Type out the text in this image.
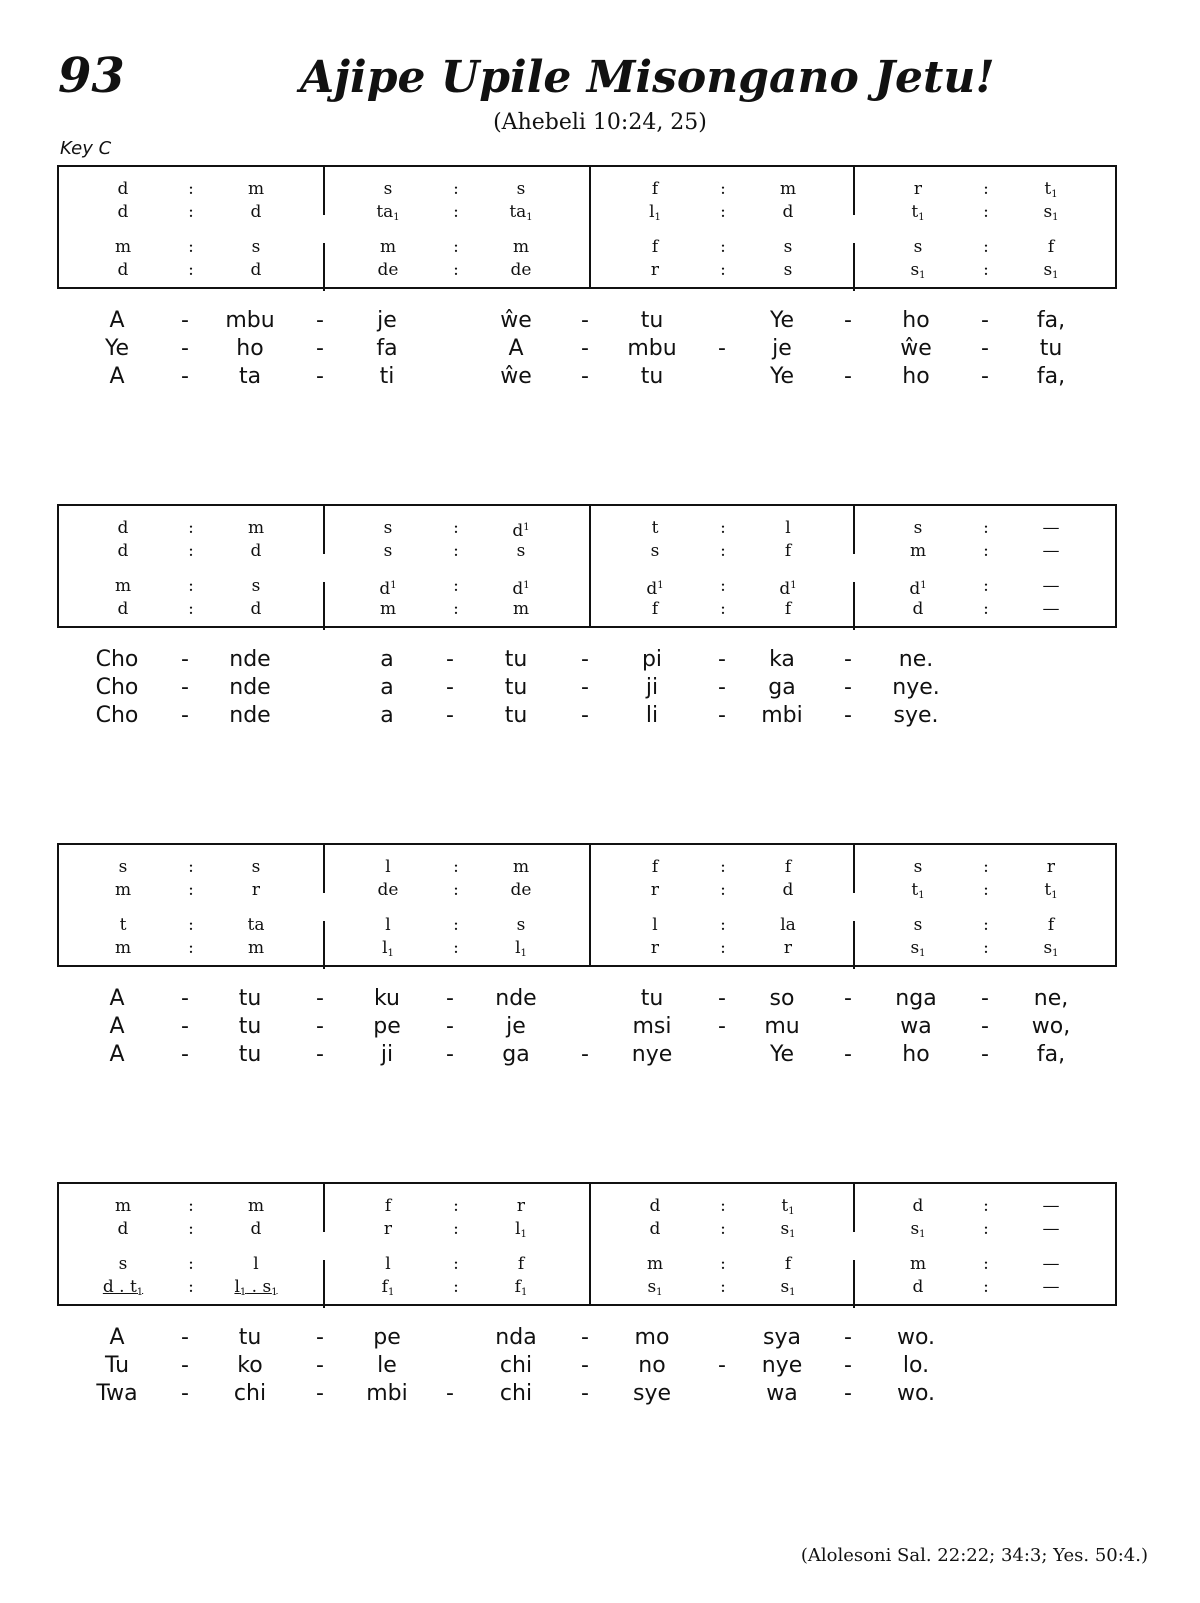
93	Ajipe Upile Misongano Jetu!
(Ahebeli 10:24, 25)
Key C
d	:	m
d	:	d
m	:	s
d	:	d
s	:	s
$ta_1$	:	$ta_1$
m	:	m
de	:	de
f	:	m
$l_1$	:	d
f	:	s
r	:	s
r	:	$t_1$
$t_1$	:	$s_1$
s	:	f
$s_1$	:	$s_1$
A	-	mbu	-	je	ŵe	-	tu	Ye	-	ho	-	fa,
Ye	-	ho	-	fa	A	-	mbu	-	je	ŵe	-	tu
A	-	ta	-	ti	ŵe	-	tu	Ye	-	ho	-	fa,
d	:	m
d	:	d
m	:	s
d	:	d
s	:	$d^1$
s	:	s
$d^1$	:	$d^1$
m	:	m
t	:	l
s	:	f
$d^1$	:	$d^1$
f	:	f
s	:	—
m	:	—
$d^1$	:	—
d	:	—
Cho	-	nde	a	-	tu	-	pi	-	ka	-	ne.
Cho	-	nde	a	-	tu	-	ji	-	ga	-	nye.
Cho	-	nde	a	-	tu	-	li	-	mbi	-	sye.
s	:	s
m	:	r
t	:	ta
m	:	m
l	:	m
de	:	de
l	:	s
$l_1$	:	$l_1$
f	:	f
r	:	d
l	:	la
r	:	r
s	:	r
$t_1$	:	$t_1$
s	:	f
$s_1$	:	$s_1$
A	-	tu	-	ku	-	nde	tu	-	so	-	nga	-	ne,
A	-	tu	-	pe	-	je	msi	-	mu	wa	-	wo,
A	-	tu	-	ji	-	ga	-	nye	Ye	-	ho	-	fa,
m	:	m
d	:	d
s	:	l
d . $t_1$	:	$l_1$ . $s_1$
f	:	r
r	:	$l_1$
l	:	f
$f_1$	:	$f_1$
d	:	$t_1$
d	:	$s_1$
m	:	f
$s_1$	:	$s_1$
d	:	—
$s_1$	:	—
m	:	—
d	:	—
A	-	tu	-	pe	nda	-	mo	sya	-	wo.
Tu	-	ko	-	le	chi	-	no	-	nye	-	lo.
Twa	-	chi	-	mbi	-	chi	-	sye	wa	-	wo.
(Alolesoni Sal. 22:22; 34:3; Yes. 50:4.)
